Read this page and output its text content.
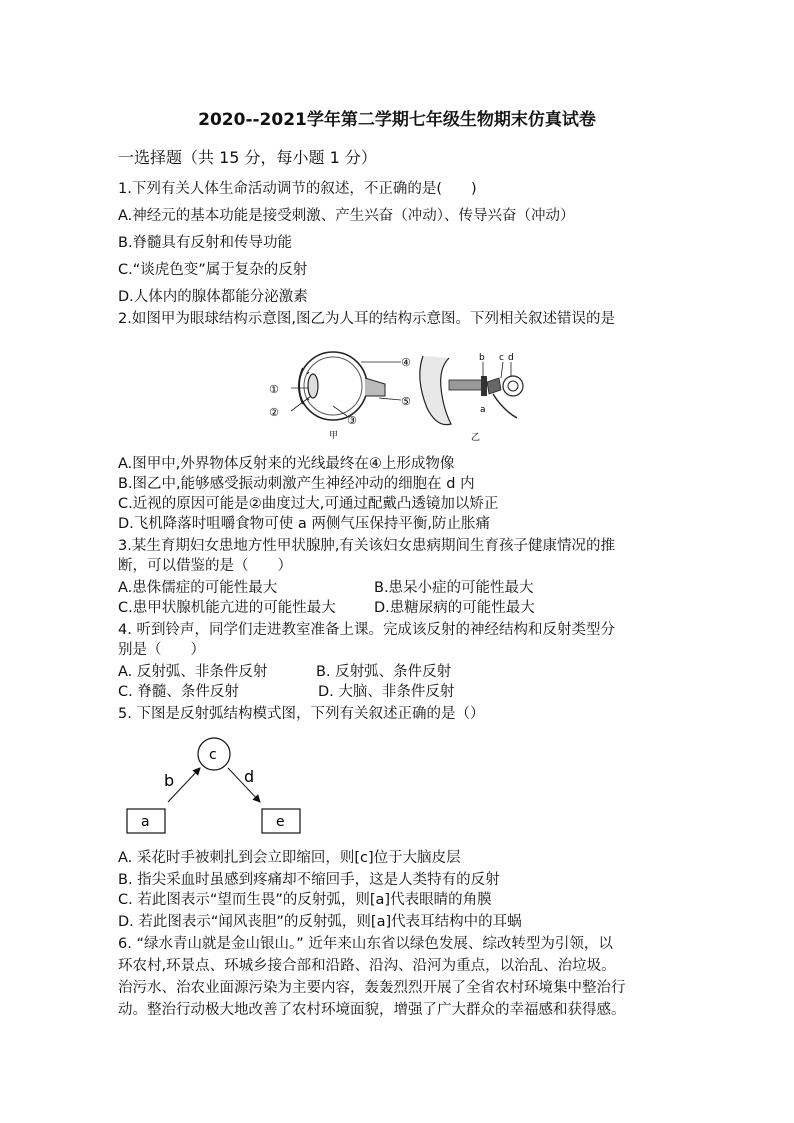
2020--2021学年第二学期七年级生物期末仿真试卷
一选择题（共 15 分，每小题 1 分）
1.下列有关人体生命活动调节的叙述，不正确的是(　　)
A.神经元的基本功能是接受刺激、产生兴奋（冲动）、传导兴奋（冲动）
B.脊髓具有反射和传导功能
C.“谈虎色变”属于复杂的反射
D.人体内的腺体都能分泌激素
2.如图甲为眼球结构示意图,图乙为人耳的结构示意图。下列相关叙述错误的是
①
②
③
④
⑤
甲
b c d
a
乙
A.图甲中,外界物体反射来的光线最终在④上形成物像
B.图乙中,能够感受振动刺激产生神经冲动的细胞在 d 内
C.近视的原因可能是②曲度过大,可通过配戴凸透镜加以矫正
D.飞机降落时咀嚼食物可使 a 两侧气压保持平衡,防止胀痛
3.某生育期妇女患地方性甲状腺肿,有关该妇女患病期间生育孩子健康情况的推
断，可以借鉴的是（　　）
A.患侏儒症的可能性最大	B.患呆小症的可能性最大
C.患甲状腺机能亢进的可能性最大	D.患糖尿病的可能性最大
4. 听到铃声，同学们走进教室准备上课。完成该反射的神经结构和反射类型分
别是（　　）
A. 反射弧、非条件反射	B. 反射弧、条件反射
C. 脊髓、条件反射	D. 大脑、非条件反射
5. 下图是反射弧结构模式图，下列有关叙述正确的是（）
a	e
c
b	d
A. 采花时手被刺扎到会立即缩回，则[c]位于大脑皮层
B. 指尖采血时虽感到疼痛却不缩回手，这是人类特有的反射
C. 若此图表示“望而生畏”的反射弧，则[a]代表眼睛的角膜
D. 若此图表示“闻风丧胆”的反射弧，则[a]代表耳结构中的耳蜗
6. “绿水青山就是金山银山。” 近年来山东省以绿色发展、综改转型为引领，以
环农村,环景点、环城乡接合部和沿路、沿沟、沿河为重点，以治乱、治垃圾。
治污水、治农业面源污染为主要内容，轰轰烈烈开展了全省农村环境集中整治行
动。整治行动极大地改善了农村环境面貌，增强了广大群众的幸福感和获得感。
